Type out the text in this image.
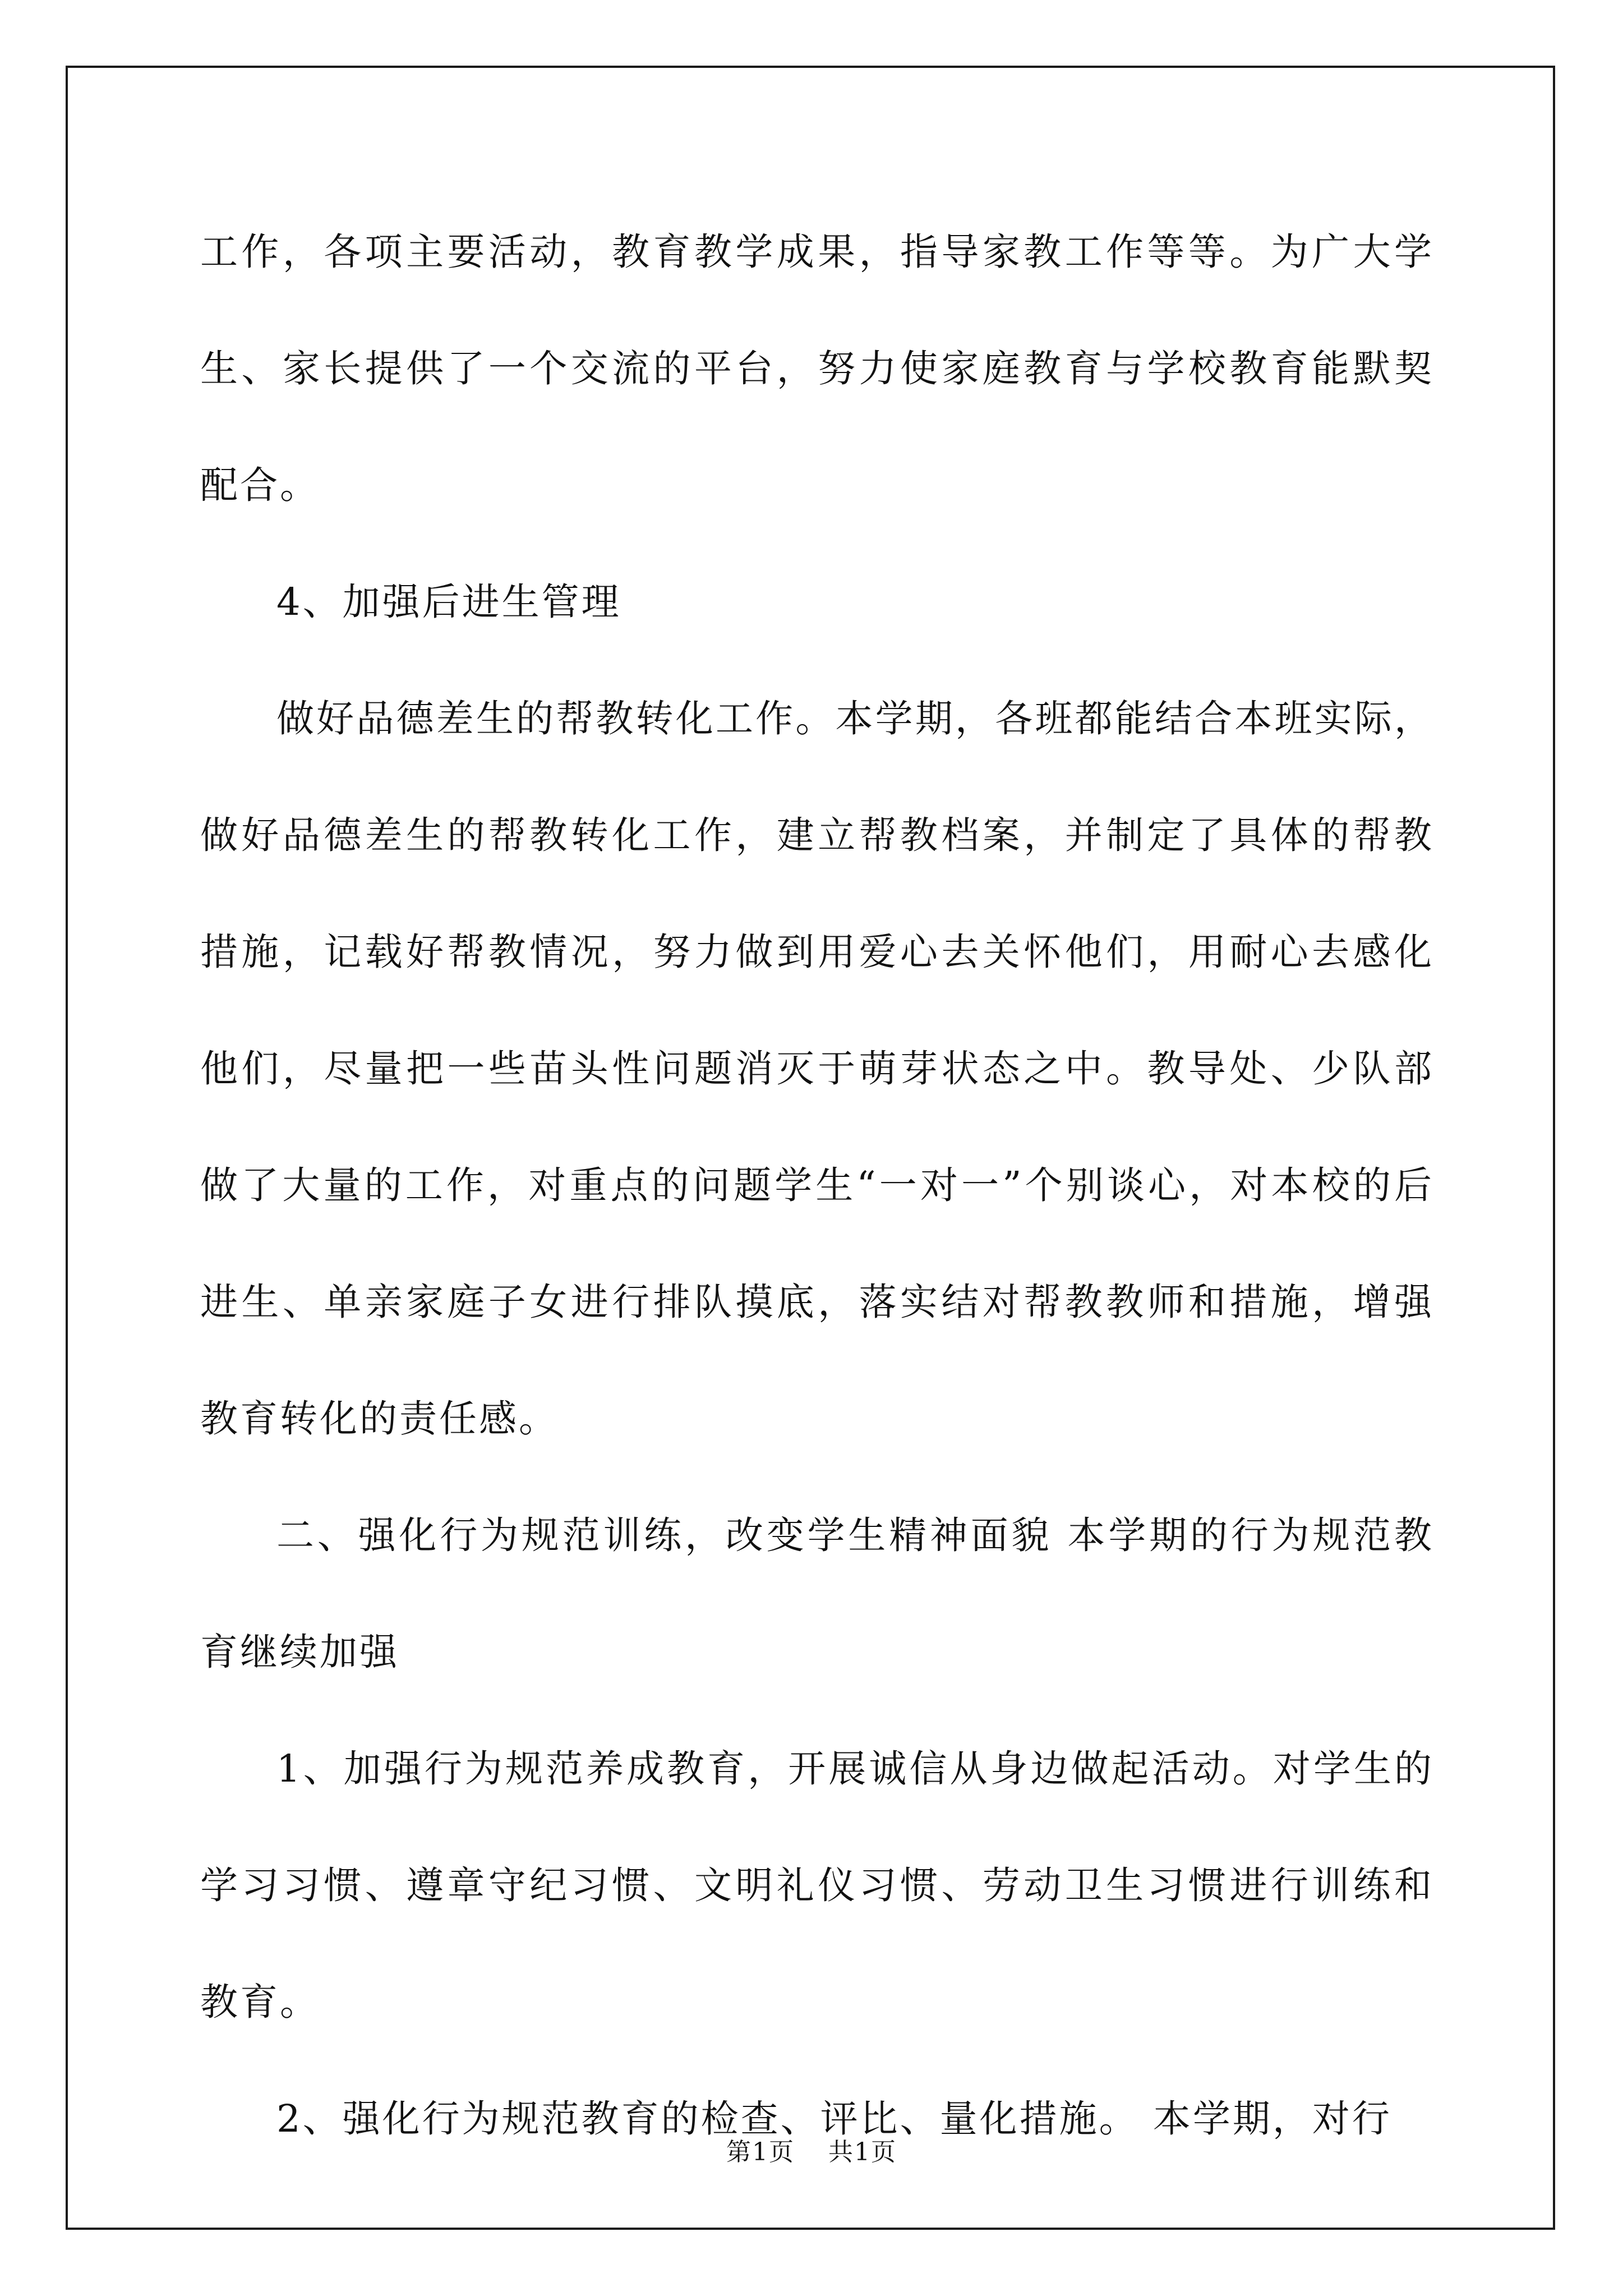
工作，各项主要活动，教育教学成果，指导家教工作等等。为广大学生、家长提供了一个交流的平台，努力使家庭教育与学校教育能默契配合。

4、加强后进生管理

做好品德差生的帮教转化工作。本学期，各班都能结合本班实际，做好品德差生的帮教转化工作，建立帮教档案，并制定了具体的帮教措施，记载好帮教情况，努力做到用爱心去关怀他们，用耐心去感化他们，尽量把一些苗头性问题消灭于萌芽状态之中。教导处、少队部做了大量的工作，对重点的问题学生“一对一”个别谈心，对本校的后进生、单亲家庭子女进行排队摸底，落实结对帮教教师和措施，增强教育转化的责任感。

二、强化行为规范训练，改变学生精神面貌 本学期的行为规范教育继续加强

1、加强行为规范养成教育，开展诚信从身边做起活动。对学生的学习习惯、遵章守纪习惯、文明礼仪习惯、劳动卫生习惯进行训练和教育。

2、强化行为规范教育的检查、评比、量化措施。 本学期，对行

第1页 共1页
